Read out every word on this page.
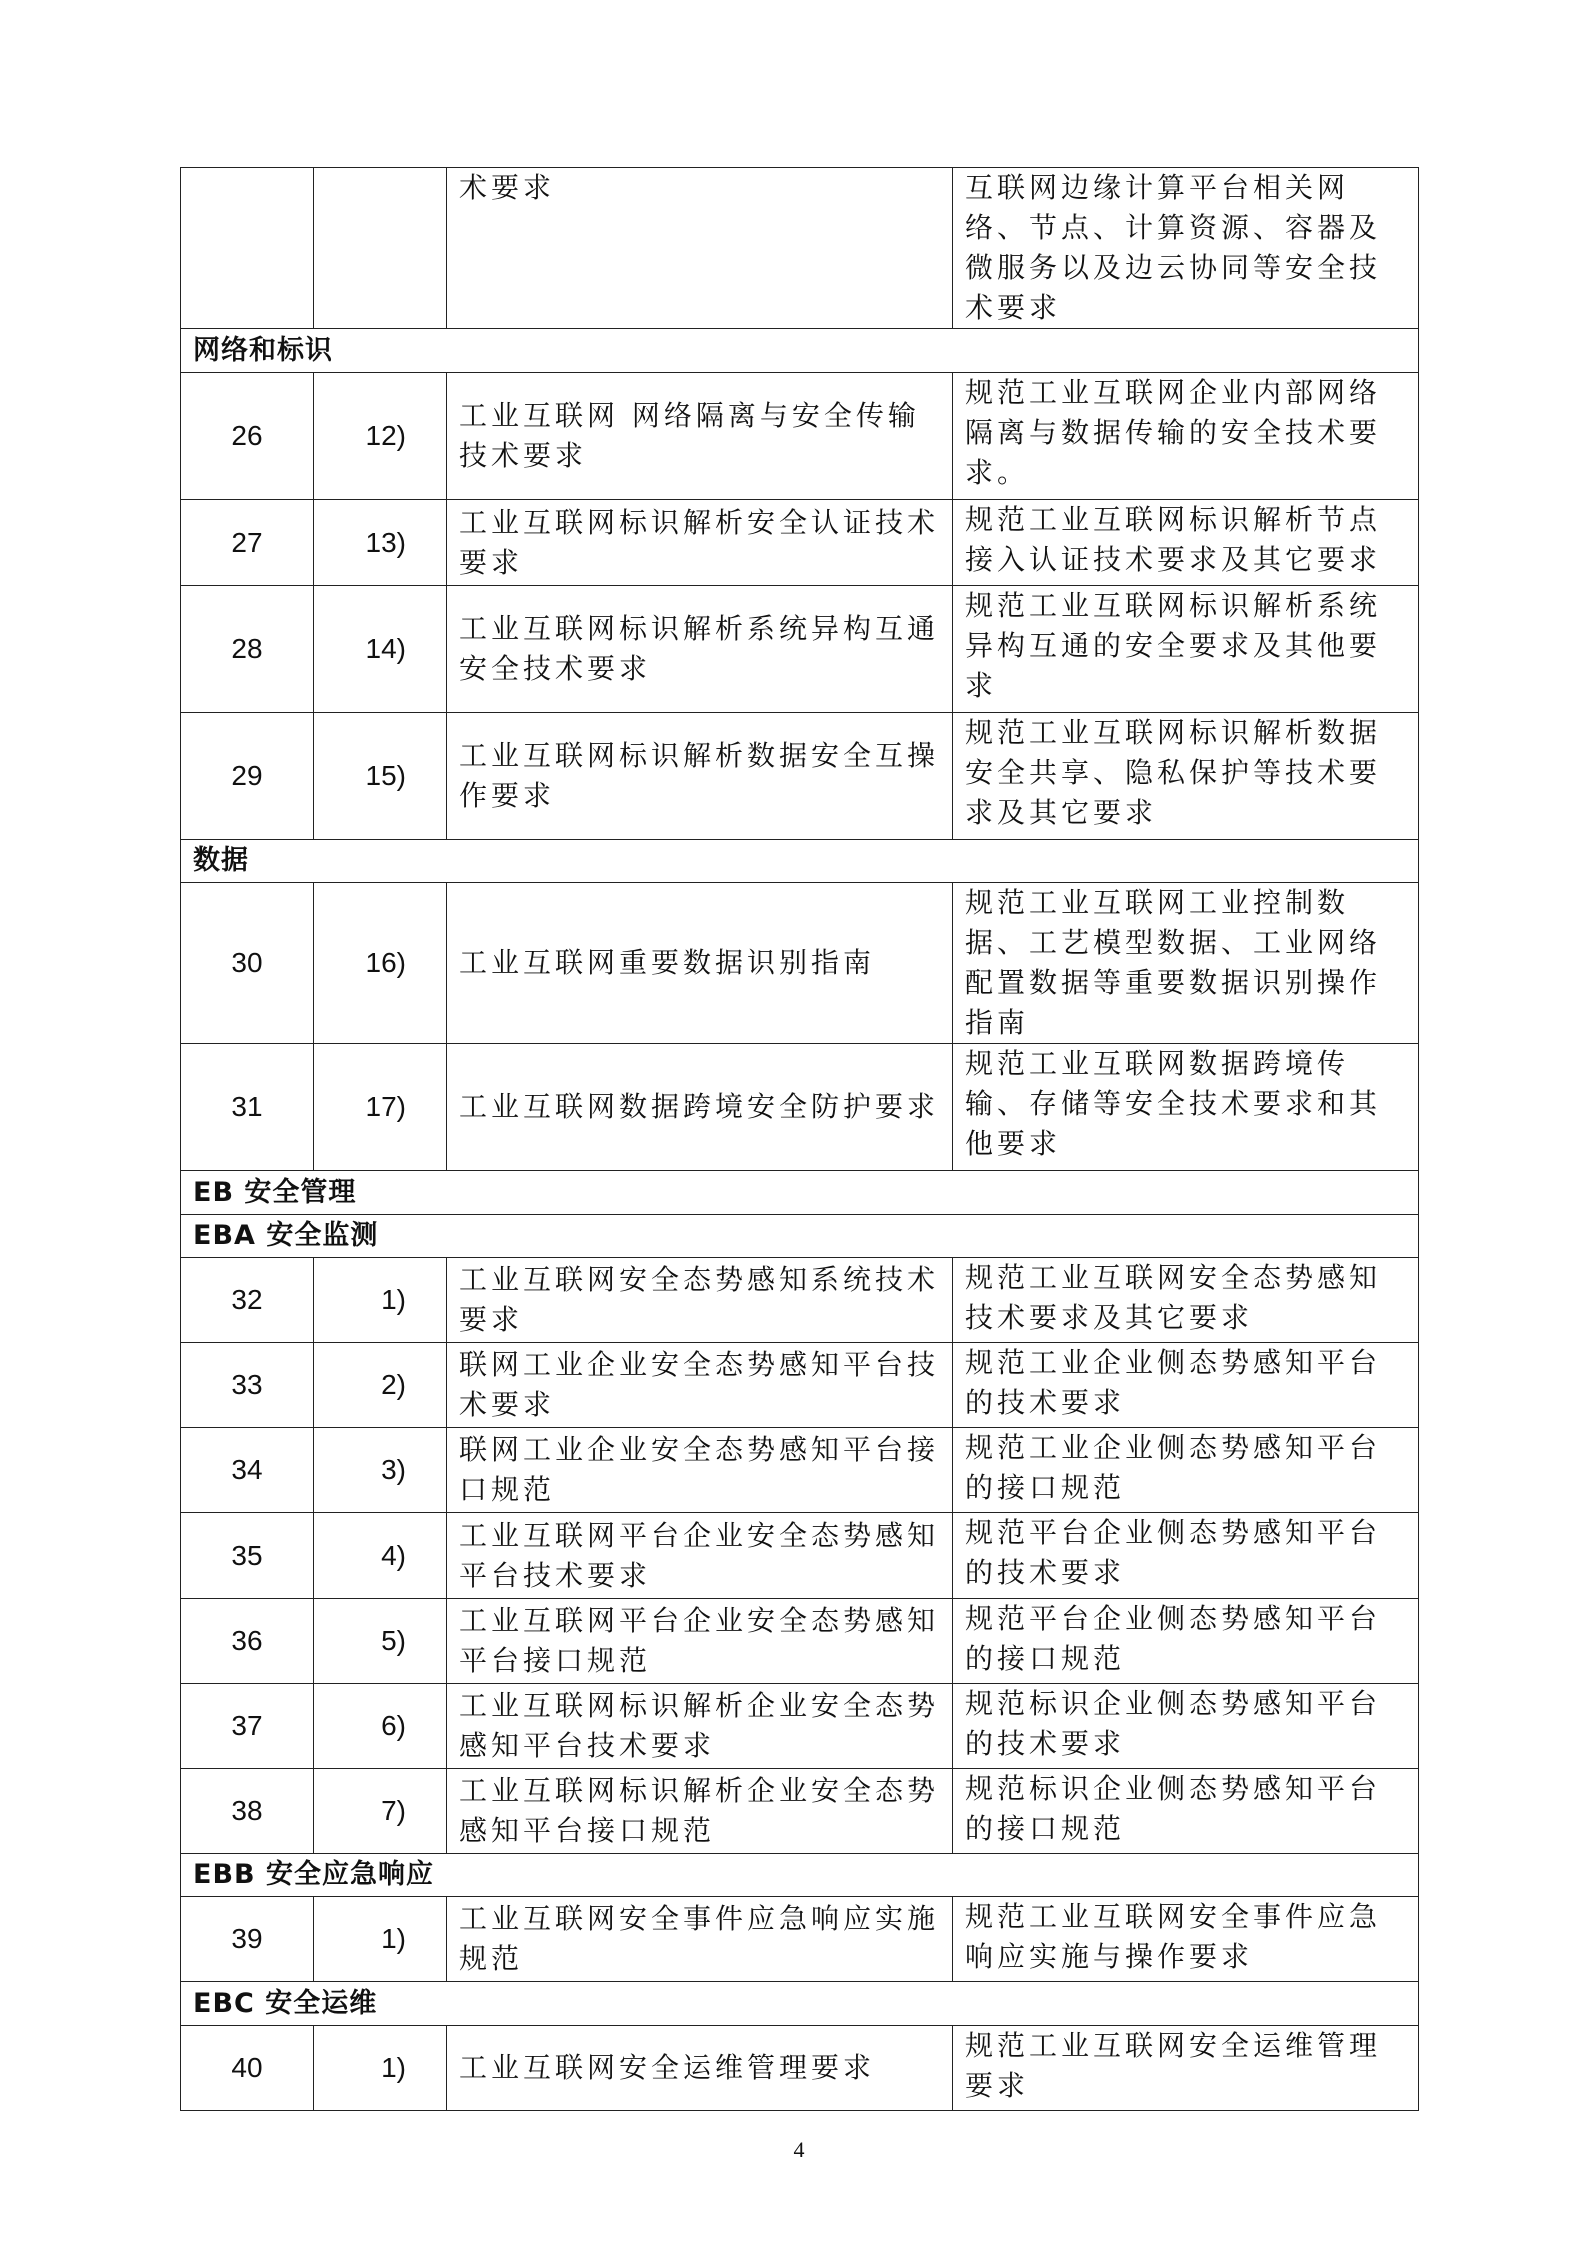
		术要求	互联网边缘计算平台相关网络、节点、计算资源、容器及微服务以及边云协同等安全技术要求
网络和标识			
26	12)	工业互联网 网络隔离与安全传输技术要求	规范工业互联网企业内部网络隔离与数据传输的安全技术要求。
27	13)	工业互联网标识解析安全认证技术要求	规范工业互联网标识解析节点接入认证技术要求及其它要求
28	14)	工业互联网标识解析系统异构互通安全技术要求	规范工业互联网标识解析系统异构互通的安全要求及其他要求
29	15)	工业互联网标识解析数据安全互操作要求	规范工业互联网标识解析数据安全共享、隐私保护等技术要求及其它要求
数据			
30	16)	工业互联网重要数据识别指南	规范工业互联网工业控制数据、工艺模型数据、工业网络配置数据等重要数据识别操作指南
31	17)	工业互联网数据跨境安全防护要求	规范工业互联网数据跨境传输、存储等安全技术要求和其他要求
EB 安全管理			
EBA 安全监测			
32	1)	工业互联网安全态势感知系统技术要求	规范工业互联网安全态势感知技术要求及其它要求
33	2)	联网工业企业安全态势感知平台技术要求	规范工业企业侧态势感知平台的技术要求
34	3)	联网工业企业安全态势感知平台接口规范	规范工业企业侧态势感知平台的接口规范
35	4)	工业互联网平台企业安全态势感知平台技术要求	规范平台企业侧态势感知平台的技术要求
36	5)	工业互联网平台企业安全态势感知平台接口规范	规范平台企业侧态势感知平台的接口规范
37	6)	工业互联网标识解析企业安全态势感知平台技术要求	规范标识企业侧态势感知平台的技术要求
38	7)	工业互联网标识解析企业安全态势感知平台接口规范	规范标识企业侧态势感知平台的接口规范
EBB 安全应急响应			
39	1)	工业互联网安全事件应急响应实施规范	规范工业互联网安全事件应急响应实施与操作要求
EBC 安全运维			
40	1)	工业互联网安全运维管理要求	规范工业互联网安全运维管理要求
4
